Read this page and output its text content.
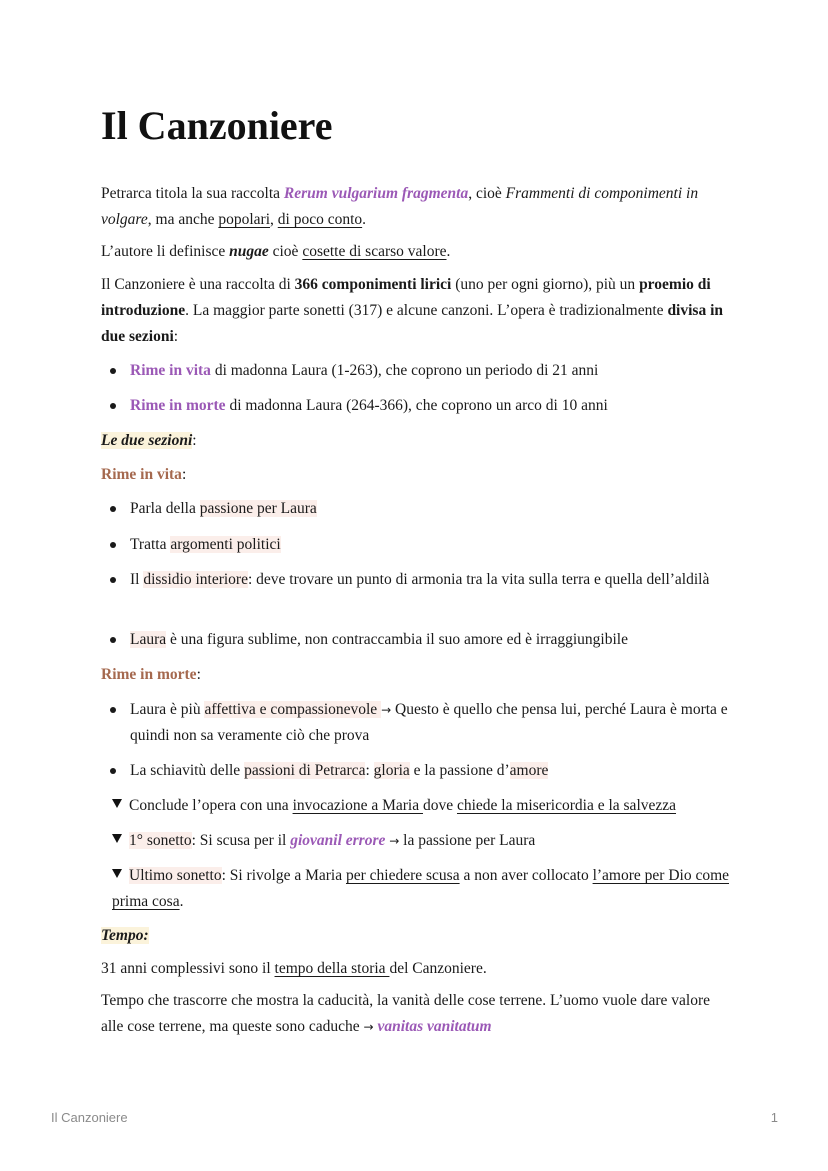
Il Canzoniere

Petrarca titola la sua raccolta Rerum vulgarium fragmenta, cioè Frammenti di componimenti in volgare, ma anche popolari, di poco conto.

L’autore li definisce nugae cioè cosette di scarso valore.

Il Canzoniere è una raccolta di 366 componimenti lirici (uno per ogni giorno), più un proemio di introduzione. La maggior parte sonetti (317) e alcune canzoni. L’opera è tradizionalmente divisa in due sezioni:

Rime in vita di madonna Laura (1-263), che coprono un periodo di 21 anni

Rime in morte di madonna Laura (264-366), che coprono un arco di 10 anni

Le due sezioni:

Rime in vita:

Parla della passione per Laura

Tratta argomenti politici

Il dissidio interiore: deve trovare un punto di armonia tra la vita sulla terra e quella dell’aldilà

Laura è una figura sublime, non contraccambia il suo amore ed è irraggiungibile

Rime in morte:

Laura è più affettiva e compassionevole → Questo è quello che pensa lui, perché Laura è morta e quindi non sa veramente ciò che prova

La schiavitù delle passioni di Petrarca: gloria e la passione d’amore

Conclude l’opera con una invocazione a Maria dove chiede la misericordia e la salvezza

1° sonetto: Si scusa per il giovanil errore → la passione per Laura

Ultimo sonetto: Si rivolge a Maria per chiedere scusa a non aver collocato l’amore per Dio come prima cosa.

Tempo:

31 anni complessivi sono il tempo della storia del Canzoniere.

Tempo che trascorre che mostra la caducità, la vanità delle cose terrene. L’uomo vuole dare valore alle cose terrene, ma queste sono caduche → vanitas vanitatum

Il Canzoniere	1
